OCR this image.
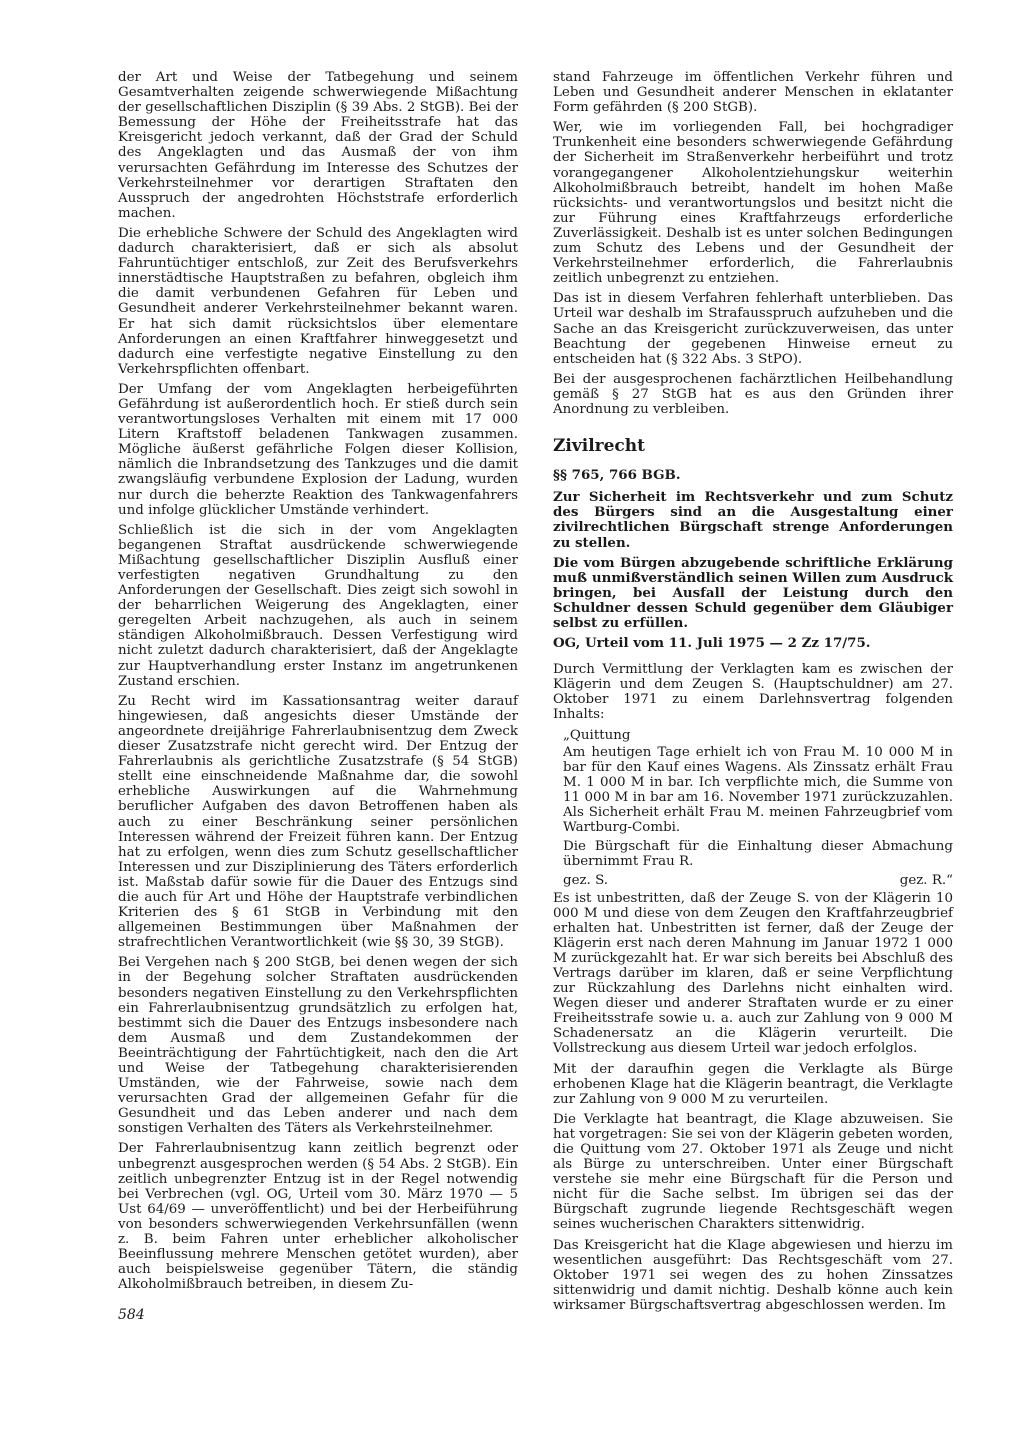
der Art und Weise der Tatbegehung und seinem Gesamtverhalten zeigende schwerwiegende Mißachtung der gesellschaftlichen Disziplin (§ 39 Abs. 2 StGB). Bei der Bemessung der Höhe der Freiheitsstrafe hat das Kreisgericht jedoch verkannt, daß der Grad der Schuld des Angeklagten und das Ausmaß der von ihm verursachten Gefährdung im Interesse des Schutzes der Verkehrsteilnehmer vor derartigen Straftaten den Ausspruch der angedrohten Höchststrafe erforderlich machen.

Die erhebliche Schwere der Schuld des Angeklagten wird dadurch charakterisiert, daß er sich als absolut Fahruntüchtiger entschloß, zur Zeit des Berufsverkehrs innerstädtische Hauptstraßen zu befahren, obgleich ihm die damit verbundenen Gefahren für Leben und Gesundheit anderer Verkehrsteilnehmer bekannt waren. Er hat sich damit rücksichtslos über elementare Anforderungen an einen Kraftfahrer hinweggesetzt und dadurch eine verfestigte negative Einstellung zu den Verkehrspflichten offenbart.

Der Umfang der vom Angeklagten herbeigeführten Gefährdung ist außerordentlich hoch. Er stieß durch sein verantwortungsloses Verhalten mit einem mit 17 000 Litern Kraftstoff beladenen Tankwagen zusammen. Mögliche äußerst gefährliche Folgen dieser Kollision, nämlich die Inbrandsetzung des Tankzuges und die damit zwangsläufig verbundene Explosion der Ladung, wurden nur durch die beherzte Reaktion des Tankwagenfahrers und infolge glücklicher Umstände verhindert.

Schließlich ist die sich in der vom Angeklagten begangenen Straftat ausdrückende schwerwiegende Mißachtung gesellschaftlicher Disziplin Ausfluß einer verfestigten negativen Grundhaltung zu den Anforderungen der Gesellschaft. Dies zeigt sich sowohl in der beharrlichen Weigerung des Angeklagten, einer geregelten Arbeit nachzugehen, als auch in seinem ständigen Alkoholmißbrauch. Dessen Verfestigung wird nicht zuletzt dadurch charakterisiert, daß der Angeklagte zur Hauptverhandlung erster Instanz im angetrunkenen Zustand erschien.

Zu Recht wird im Kassationsantrag weiter darauf hingewiesen, daß angesichts dieser Umstände der angeordnete dreijährige Fahrerlaubnisentzug dem Zweck dieser Zusatzstrafe nicht gerecht wird. Der Entzug der Fahrerlaubnis als gerichtliche Zusatzstrafe (§ 54 StGB) stellt eine einschneidende Maßnahme dar, die sowohl erhebliche Auswirkungen auf die Wahrnehmung beruflicher Aufgaben des davon Betroffenen haben als auch zu einer Beschränkung seiner persönlichen Interessen während der Freizeit führen kann. Der Entzug hat zu erfolgen, wenn dies zum Schutz gesellschaftlicher Interessen und zur Disziplinierung des Täters erforderlich ist. Maßstab dafür sowie für die Dauer des Entzugs sind die auch für Art und Höhe der Hauptstrafe verbindlichen Kriterien des § 61 StGB in Verbindung mit den allgemeinen Bestimmungen über Maßnahmen der strafrechtlichen Verantwortlichkeit (wie §§ 30, 39 StGB).

Bei Vergehen nach § 200 StGB, bei denen wegen der sich in der Begehung solcher Straftaten ausdrückenden besonders negativen Einstellung zu den Verkehrspflichten ein Fahrerlaubnisentzug grundsätzlich zu erfolgen hat, bestimmt sich die Dauer des Entzugs insbesondere nach dem Ausmaß und dem Zustandekommen der Beeinträchtigung der Fahrtüchtigkeit, nach den die Art und Weise der Tatbegehung charakterisierenden Umständen, wie der Fahrweise, sowie nach dem verursachten Grad der allgemeinen Gefahr für die Gesundheit und das Leben anderer und nach dem sonstigen Verhalten des Täters als Verkehrsteilnehmer.

Der Fahrerlaubnisentzug kann zeitlich begrenzt oder unbegrenzt ausgesprochen werden (§ 54 Abs. 2 StGB). Ein zeitlich unbegrenzter Entzug ist in der Regel notwendig bei Verbrechen (vgl. OG, Urteil vom 30. März 1970 — 5 Ust 64/69 — unveröffentlicht) und bei der Herbeiführung von besonders schwerwiegenden Verkehrsunfällen (wenn z. B. beim Fahren unter erheblicher alkoholischer Beeinflussung mehrere Menschen getötet wurden), aber auch beispielsweise gegenüber Tätern, die ständig Alkoholmißbrauch betreiben, in diesem Zu-

stand Fahrzeuge im öffentlichen Verkehr führen und Leben und Gesundheit anderer Menschen in eklatanter Form gefährden (§ 200 StGB).

Wer, wie im vorliegenden Fall, bei hochgradiger Trunkenheit eine besonders schwerwiegende Gefährdung der Sicherheit im Straßenverkehr herbeiführt und trotz vorangegangener Alkoholentziehungskur weiterhin Alkoholmißbrauch betreibt, handelt im hohen Maße rücksichts- und verantwortungslos und besitzt nicht die zur Führung eines Kraftfahrzeugs erforderliche Zuverlässigkeit. Deshalb ist es unter solchen Bedingungen zum Schutz des Lebens und der Gesundheit der Verkehrsteilnehmer erforderlich, die Fahrerlaubnis zeitlich unbegrenzt zu entziehen.

Das ist in diesem Verfahren fehlerhaft unterblieben. Das Urteil war deshalb im Strafausspruch aufzuheben und die Sache an das Kreisgericht zurückzuverweisen, das unter Beachtung der gegebenen Hinweise erneut zu entscheiden hat (§ 322 Abs. 3 StPO).

Bei der ausgesprochenen fachärztlichen Heilbehandlung gemäß § 27 StGB hat es aus den Gründen ihrer Anordnung zu verbleiben.

Zivilrecht
§§ 765, 766 BGB.

Zur Sicherheit im Rechtsverkehr und zum Schutz des Bürgers sind an die Ausgestaltung einer zivilrechtlichen Bürgschaft strenge Anforderungen zu stellen.

Die vom Bürgen abzugebende schriftliche Erklärung muß unmißverständlich seinen Willen zum Ausdruck bringen, bei Ausfall der Leistung durch den Schuldner dessen Schuld gegenüber dem Gläubiger selbst zu erfüllen.

OG, Urteil vom 11. Juli 1975 — 2 Zz 17/75.

Durch Vermittlung der Verklagten kam es zwischen der Klägerin und dem Zeugen S. (Hauptschuldner) am 27. Oktober 1971 zu einem Darlehnsvertrag folgenden Inhalts:

„Quittung

Am heutigen Tage erhielt ich von Frau M. 10 000 M in bar für den Kauf eines Wagens. Als Zinssatz erhält Frau M. 1 000 M in bar. Ich verpflichte mich, die Summe von 11 000 M in bar am 16. November 1971 zurückzuzahlen. Als Sicherheit erhält Frau M. meinen Fahrzeugbrief vom Wartburg-Combi.

Die Bürgschaft für die Einhaltung dieser Abmachung übernimmt Frau R.

gez. S.	gez. R.“

Es ist unbestritten, daß der Zeuge S. von der Klägerin 10 000 M und diese von dem Zeugen den Kraftfahrzeugbrief erhalten hat. Unbestritten ist ferner, daß der Zeuge der Klägerin erst nach deren Mahnung im Januar 1972 1 000 M zurückgezahlt hat. Er war sich bereits bei Abschluß des Vertrags darüber im klaren, daß er seine Verpflichtung zur Rückzahlung des Darlehns nicht einhalten wird. Wegen dieser und anderer Straftaten wurde er zu einer Freiheitsstrafe sowie u. a. auch zur Zahlung von 9 000 M Schadenersatz an die Klägerin verurteilt. Die Vollstreckung aus diesem Urteil war jedoch erfolglos.

Mit der daraufhin gegen die Verklagte als Bürge erhobenen Klage hat die Klägerin beantragt, die Verklagte zur Zahlung von 9 000 M zu verurteilen.

Die Verklagte hat beantragt, die Klage abzuweisen. Sie hat vorgetragen: Sie sei von der Klägerin gebeten worden, die Quittung vom 27. Oktober 1971 als Zeuge und nicht als Bürge zu unterschreiben. Unter einer Bürgschaft verstehe sie mehr eine Bürgschaft für die Person und nicht für die Sache selbst. Im übrigen sei das der Bürgschaft zugrunde liegende Rechtsgeschäft wegen seines wucherischen Charakters sittenwidrig.

Das Kreisgericht hat die Klage abgewiesen und hierzu im wesentlichen ausgeführt: Das Rechtsgeschäft vom 27. Oktober 1971 sei wegen des zu hohen Zinssatzes sittenwidrig und damit nichtig. Deshalb könne auch kein wirksamer Bürgschaftsvertrag abgeschlossen werden. Im

584
